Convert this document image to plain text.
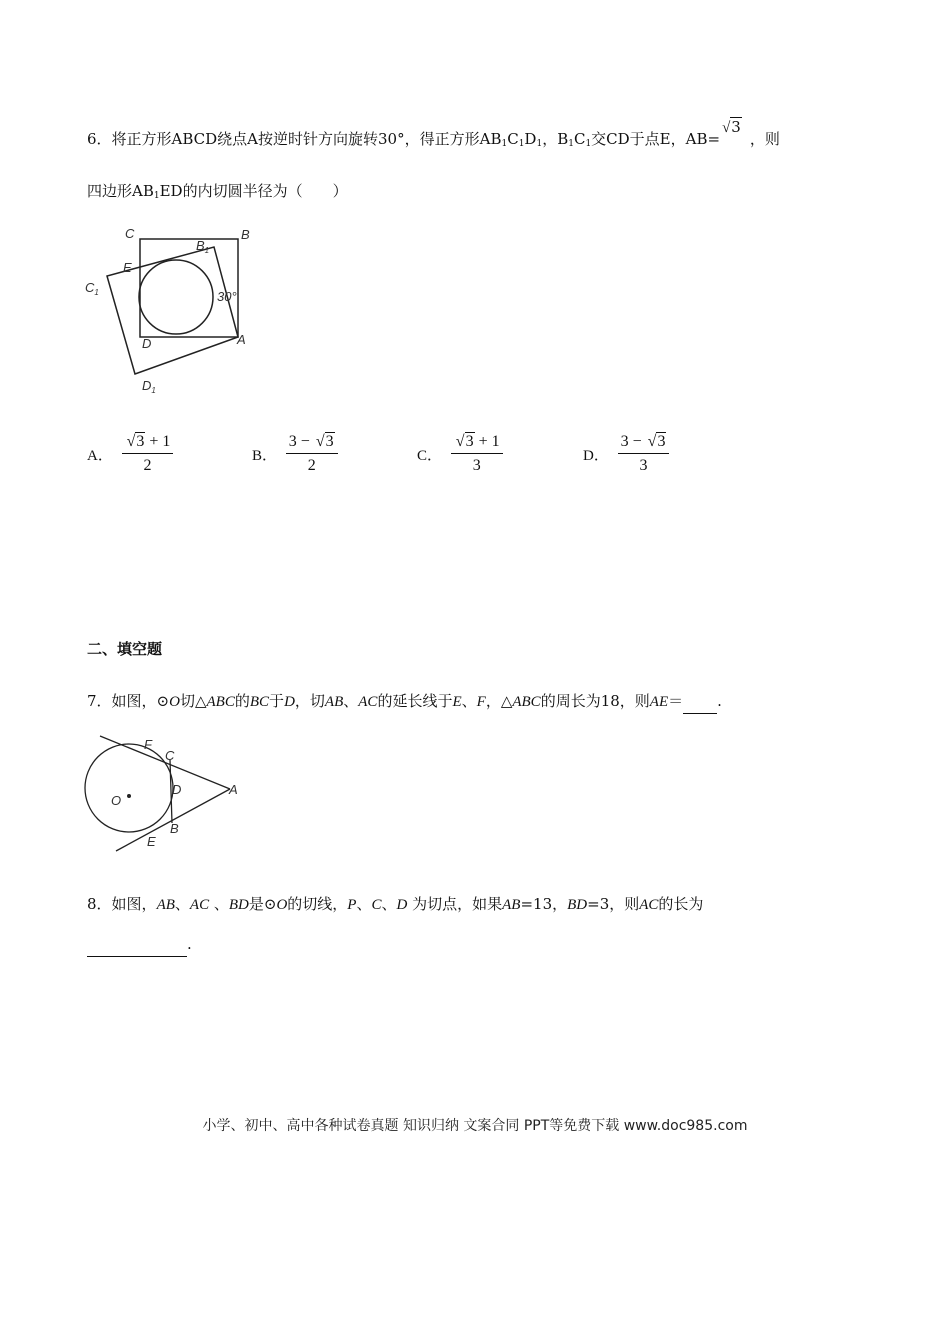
6．将正方形ABCD绕点A按逆时针方向旋转30°，得正方形$AB_1C_1D_1$，$B_1C_1$交CD于点E，AB=√3，则
四边形$AB_1ED$的内切圆半径为（　　）
C	B
$B_1$
E
$C_1$	30°
D	A
$D_1$
A． $\frac{√3 + 1}{2}$	B． $\frac{3 - √3}{2}$	C． $\frac{√3 + 1}{3}$	D． $\frac{3 - √3}{3}$
二、填空题
7．如图，⊙O切△ABC的BC于D，切AB、AC的延长线于E、F，△ABC的周长为18，则AE＝ .
F
C
O
D	A
B
E
8．如图，AB、AC 、BD是⊙O的切线，P、C、D 为切点，如果AB=13，BD=3，则AC的长为
.
小学、初中、高中各种试卷真题 知识归纳 文案合同 PPT等免费下载 www.doc985.com
